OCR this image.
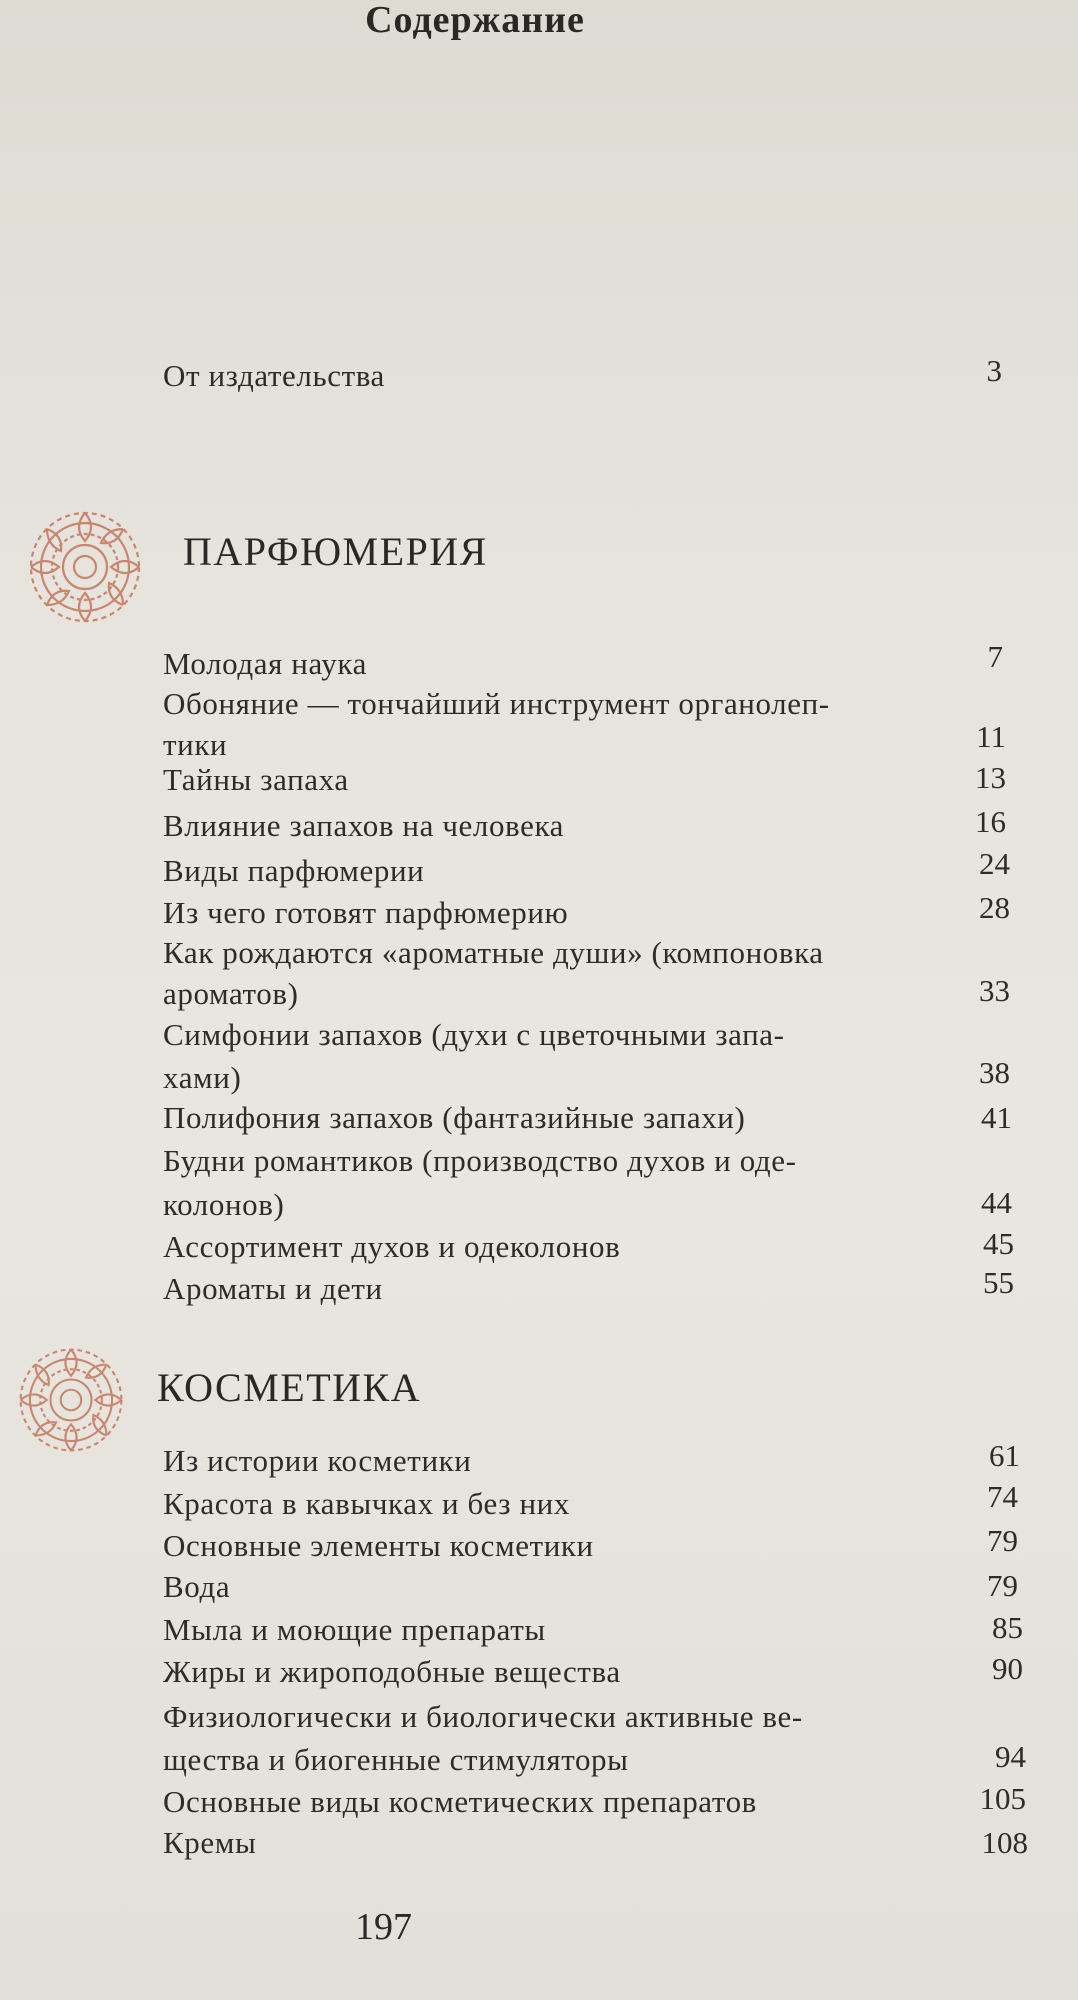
Содержание
От издательства	3
ПАРФЮМЕРИЯ
Молодая наука	7
Обоняние — тончайший инструмент органолеп-
тики	11
Тайны запаха	13
Влияние запахов на человека	16
Виды парфюмерии	24
Из чего готовят парфюмерию	28
Как рождаются «ароматные души» (компоновка
ароматов)	33
Симфонии запахов (духи с цветочными запа-
хами)	38
Полифония запахов (фантазийные запахи)	41
Будни романтиков (производство духов и оде-
колонов)	44
Ассортимент духов и одеколонов	45
Ароматы и дети	55
КОСМЕТИКА
Из истории косметики	61
Красота в кавычках и без них	74
Основные элементы косметики	79
Вода	79
Мыла и моющие препараты	85
Жиры и жироподобные вещества	90
Физиологически и биологически активные ве-
щества и биогенные стимуляторы	94
Основные виды косметических препаратов	105
Кремы	108
197
